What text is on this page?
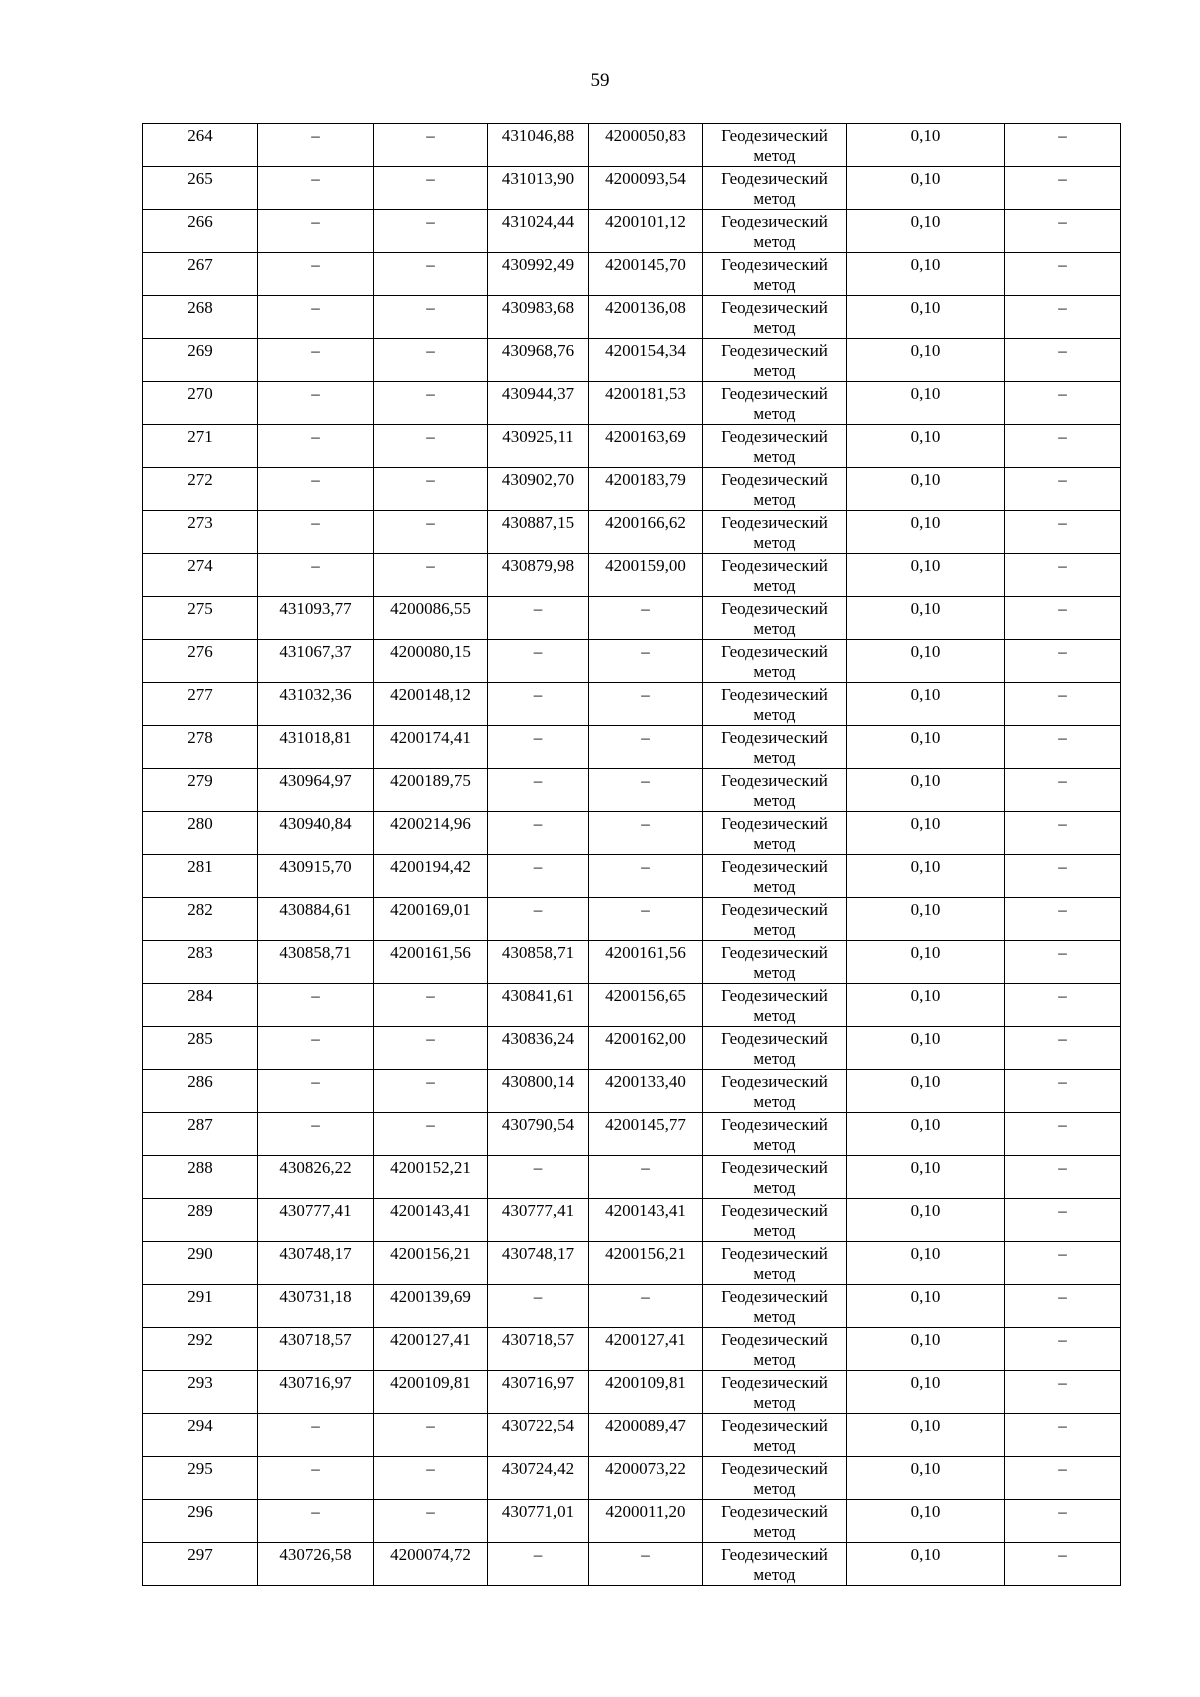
59
264	–	–	431046,88	4200050,83	Геодезический метод	0,10	–
265	–	–	431013,90	4200093,54	Геодезический метод	0,10	–
266	–	–	431024,44	4200101,12	Геодезический метод	0,10	–
267	–	–	430992,49	4200145,70	Геодезический метод	0,10	–
268	–	–	430983,68	4200136,08	Геодезический метод	0,10	–
269	–	–	430968,76	4200154,34	Геодезический метод	0,10	–
270	–	–	430944,37	4200181,53	Геодезический метод	0,10	–
271	–	–	430925,11	4200163,69	Геодезический метод	0,10	–
272	–	–	430902,70	4200183,79	Геодезический метод	0,10	–
273	–	–	430887,15	4200166,62	Геодезический метод	0,10	–
274	–	–	430879,98	4200159,00	Геодезический метод	0,10	–
275	431093,77	4200086,55	–	–	Геодезический метод	0,10	–
276	431067,37	4200080,15	–	–	Геодезический метод	0,10	–
277	431032,36	4200148,12	–	–	Геодезический метод	0,10	–
278	431018,81	4200174,41	–	–	Геодезический метод	0,10	–
279	430964,97	4200189,75	–	–	Геодезический метод	0,10	–
280	430940,84	4200214,96	–	–	Геодезический метод	0,10	–
281	430915,70	4200194,42	–	–	Геодезический метод	0,10	–
282	430884,61	4200169,01	–	–	Геодезический метод	0,10	–
283	430858,71	4200161,56	430858,71	4200161,56	Геодезический метод	0,10	–
284	–	–	430841,61	4200156,65	Геодезический метод	0,10	–
285	–	–	430836,24	4200162,00	Геодезический метод	0,10	–
286	–	–	430800,14	4200133,40	Геодезический метод	0,10	–
287	–	–	430790,54	4200145,77	Геодезический метод	0,10	–
288	430826,22	4200152,21	–	–	Геодезический метод	0,10	–
289	430777,41	4200143,41	430777,41	4200143,41	Геодезический метод	0,10	–
290	430748,17	4200156,21	430748,17	4200156,21	Геодезический метод	0,10	–
291	430731,18	4200139,69	–	–	Геодезический метод	0,10	–
292	430718,57	4200127,41	430718,57	4200127,41	Геодезический метод	0,10	–
293	430716,97	4200109,81	430716,97	4200109,81	Геодезический метод	0,10	–
294	–	–	430722,54	4200089,47	Геодезический метод	0,10	–
295	–	–	430724,42	4200073,22	Геодезический метод	0,10	–
296	–	–	430771,01	4200011,20	Геодезический метод	0,10	–
297	430726,58	4200074,72	–	–	Геодезический метод	0,10	–
